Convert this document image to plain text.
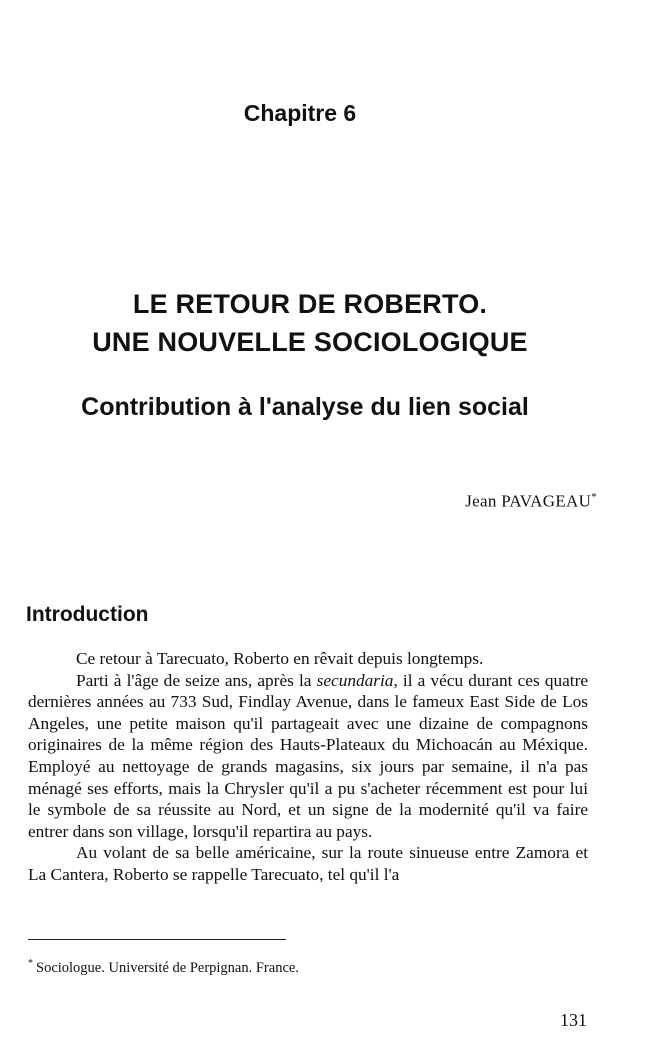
Chapitre 6
LE RETOUR DE ROBERTO.
UNE NOUVELLE SOCIOLOGIQUE
Contribution à l'analyse du lien social
Jean PAVAGEAU*
Introduction

Ce retour à Tarecuato, Roberto en rêvait depuis longtemps.

Parti à l'âge de seize ans, après la secundaria, il a vécu durant ces quatre dernières années au 733 Sud, Findlay Avenue, dans le fameux East Side de Los Angeles, une petite maison qu'il partageait avec une dizaine de compagnons originaires de la même région des Hauts-Plateaux du Michoacán au Méxique. Employé au nettoyage de grands magasins, six jours par semaine, il n'a pas ménagé ses efforts, mais la Chrysler qu'il a pu s'acheter récemment est pour lui le symbole de sa réussite au Nord, et un signe de la modernité qu'il va faire entrer dans son village, lorsqu'il repartira au pays.

Au volant de sa belle américaine, sur la route sinueuse entre Zamora et La Cantera, Roberto se rappelle Tarecuato, tel qu'il l'a

* Sociologue. Université de Perpignan. France.
131
